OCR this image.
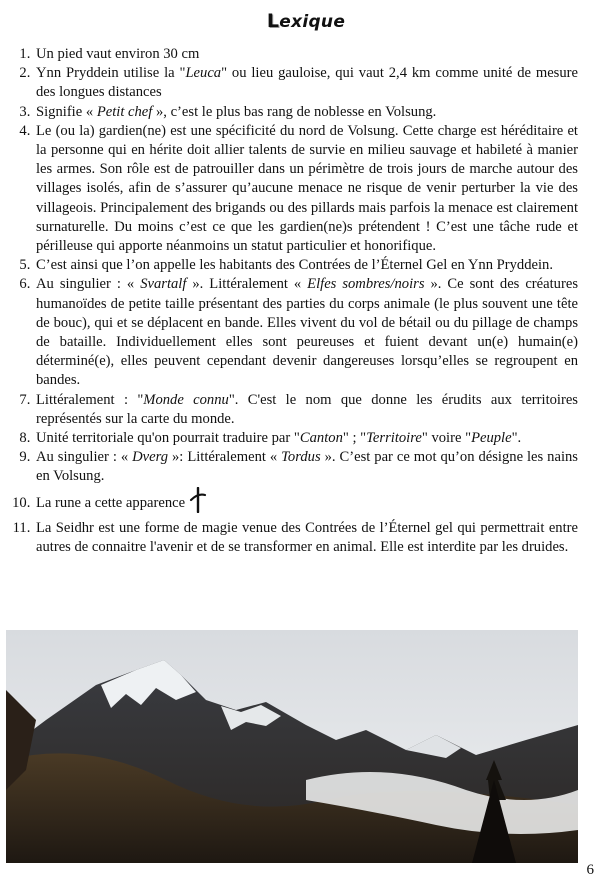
Lexique
1. Un pied vaut environ 30 cm
2. Ynn Pryddein utilise la "Leuca" ou lieu gauloise, qui vaut 2,4 km comme unité de mesure des longues distances
3. Signifie « Petit chef », c’est le plus bas rang de noblesse en Volsung.
4. Le (ou la) gardien(ne) est une spécificité du nord de Volsung. Cette charge est héréditaire et la personne qui en hérite doit allier talents de survie en milieu sauvage et habileté à manier les armes. Son rôle est de patrouiller dans un périmètre de trois jours de marche autour des villages isolés, afin de s’assurer qu’aucune menace ne risque de venir perturber la vie des villageois. Principalement des brigands ou des pillards mais parfois la menace est clairement surnaturelle. Du moins c’est ce que les gardien(ne)s prétendent ! C’est une tâche rude et périlleuse qui apporte néanmoins un statut particulier et honorifique.
5. C’est ainsi que l’on appelle les habitants des Contrées de l’Éternel Gel en Ynn Pryddein.
6. Au singulier : « Svartalf ». Littéralement « Elfes sombres/noirs ». Ce sont des créatures humanoïdes de petite taille présentant des parties du corps animale (le plus souvent une tête de bouc), qui et se déplacent en bande. Elles vivent du vol de bétail ou du pillage de champs de bataille. Individuellement elles sont peureuses et fuient devant un(e) humain(e) déterminé(e), elles peuvent cependant devenir dangereuses lorsqu’elles se regroupent en bandes.
7. Littéralement : "Monde connu". C'est le nom que donne les érudits aux territoires représentés sur la carte du monde.
8. Unité territoriale qu'on pourrait traduire par "Canton" ; "Territoire" voire "Peuple".
9. Au singulier : « Dverg »: Littéralement « Tordus ». C’est par ce mot qu’on désigne les nains en Volsung.
10. La rune a cette apparence
11. La Seidhr est une forme de magie venue des Contrées de l’Éternel gel qui permettrait entre autres de connaitre l'avenir et de se transformer en animal. Elle est interdite par les druides.
6
